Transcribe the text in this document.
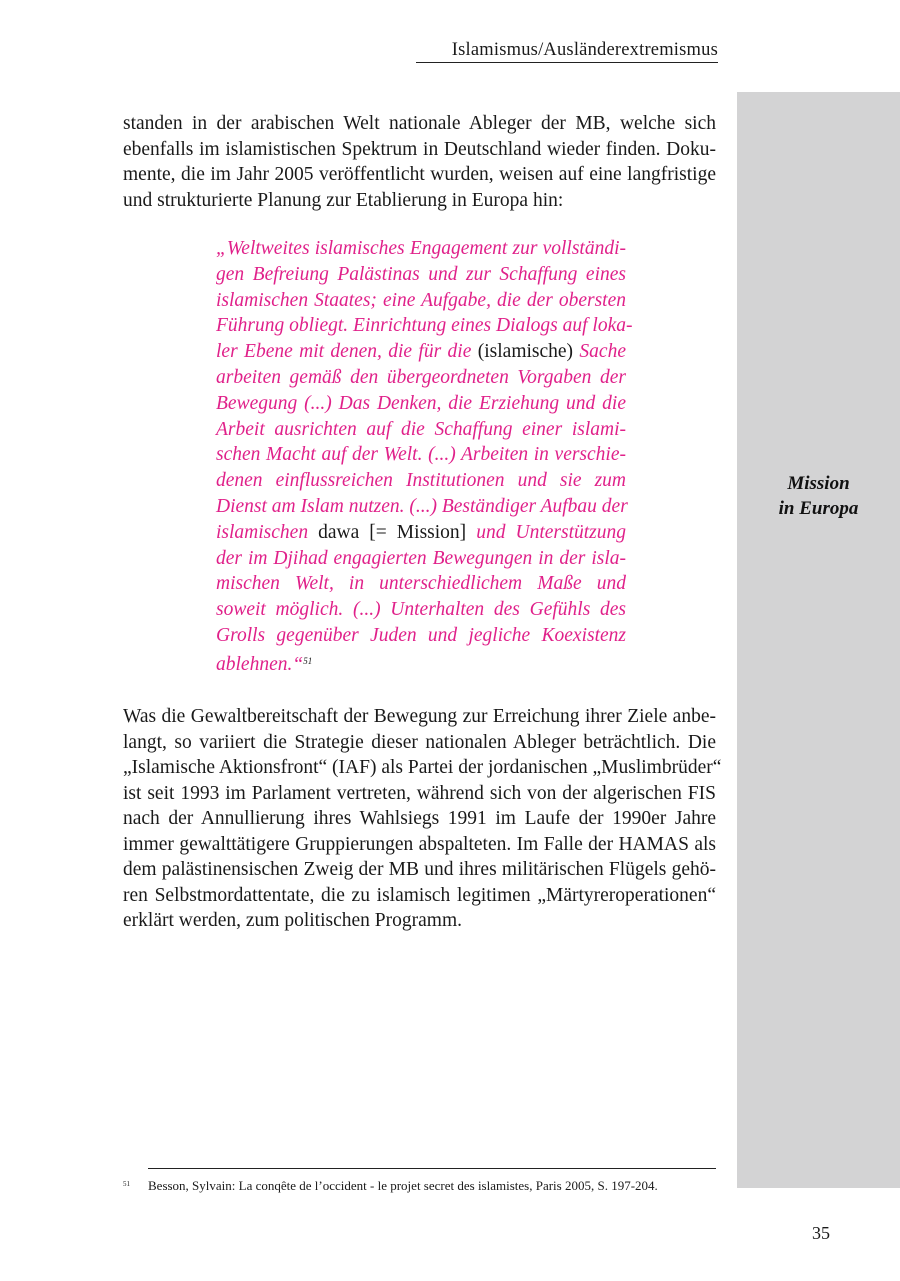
Islamismus/Ausländerextremismus
Mission
in Europa
standen in der arabischen Welt nationale Ableger der MB, welche sich
ebenfalls im islamistischen Spektrum in Deutschland wieder finden. Doku-
mente, die im Jahr 2005 veröffentlicht wurden, weisen auf eine langfristige
und strukturierte Planung zur Etablierung in Europa hin:
„Weltweites islamisches Engagement zur vollständi-
gen Befreiung Palästinas und zur Schaffung eines
islamischen Staates; eine Aufgabe, die der obersten
Führung obliegt. Einrichtung eines Dialogs auf loka-
ler Ebene mit denen, die für die (islamische) Sache
arbeiten gemäß den übergeordneten Vorgaben der
Bewegung (...) Das Denken, die Erziehung und die
Arbeit ausrichten auf die Schaffung einer islami-
schen Macht auf der Welt. (...) Arbeiten in verschie-
denen einflussreichen Institutionen und sie zum
Dienst am Islam nutzen. (...) Beständiger Aufbau der
islamischen dawa [= Mission] und Unterstützung
der im Djihad engagierten Bewegungen in der isla-
mischen Welt, in unterschiedlichem Maße und
soweit möglich. (...) Unterhalten des Gefühls des
Grolls gegenüber Juden und jegliche Koexistenz
ablehnen.“$^{51}$
Was die Gewaltbereitschaft der Bewegung zur Erreichung ihrer Ziele anbe-
langt, so variiert die Strategie dieser nationalen Ableger beträchtlich. Die
„Islamische Aktionsfront“ (IAF) als Partei der jordanischen „Muslimbrüder“
ist seit 1993 im Parlament vertreten, während sich von der algerischen FIS
nach der Annullierung ihres Wahlsiegs 1991 im Laufe der 1990er Jahre
immer gewalttätigere Gruppierungen abspalteten. Im Falle der HAMAS als
dem palästinensischen Zweig der MB und ihres militärischen Flügels gehö-
ren Selbstmordattentate, die zu islamisch legitimen „Märtyreroperationen“
erklärt werden, zum politischen Programm.
51 Besson, Sylvain: La conqête de l’occident - le projet secret des islamistes, Paris 2005, S. 197-204.
35
